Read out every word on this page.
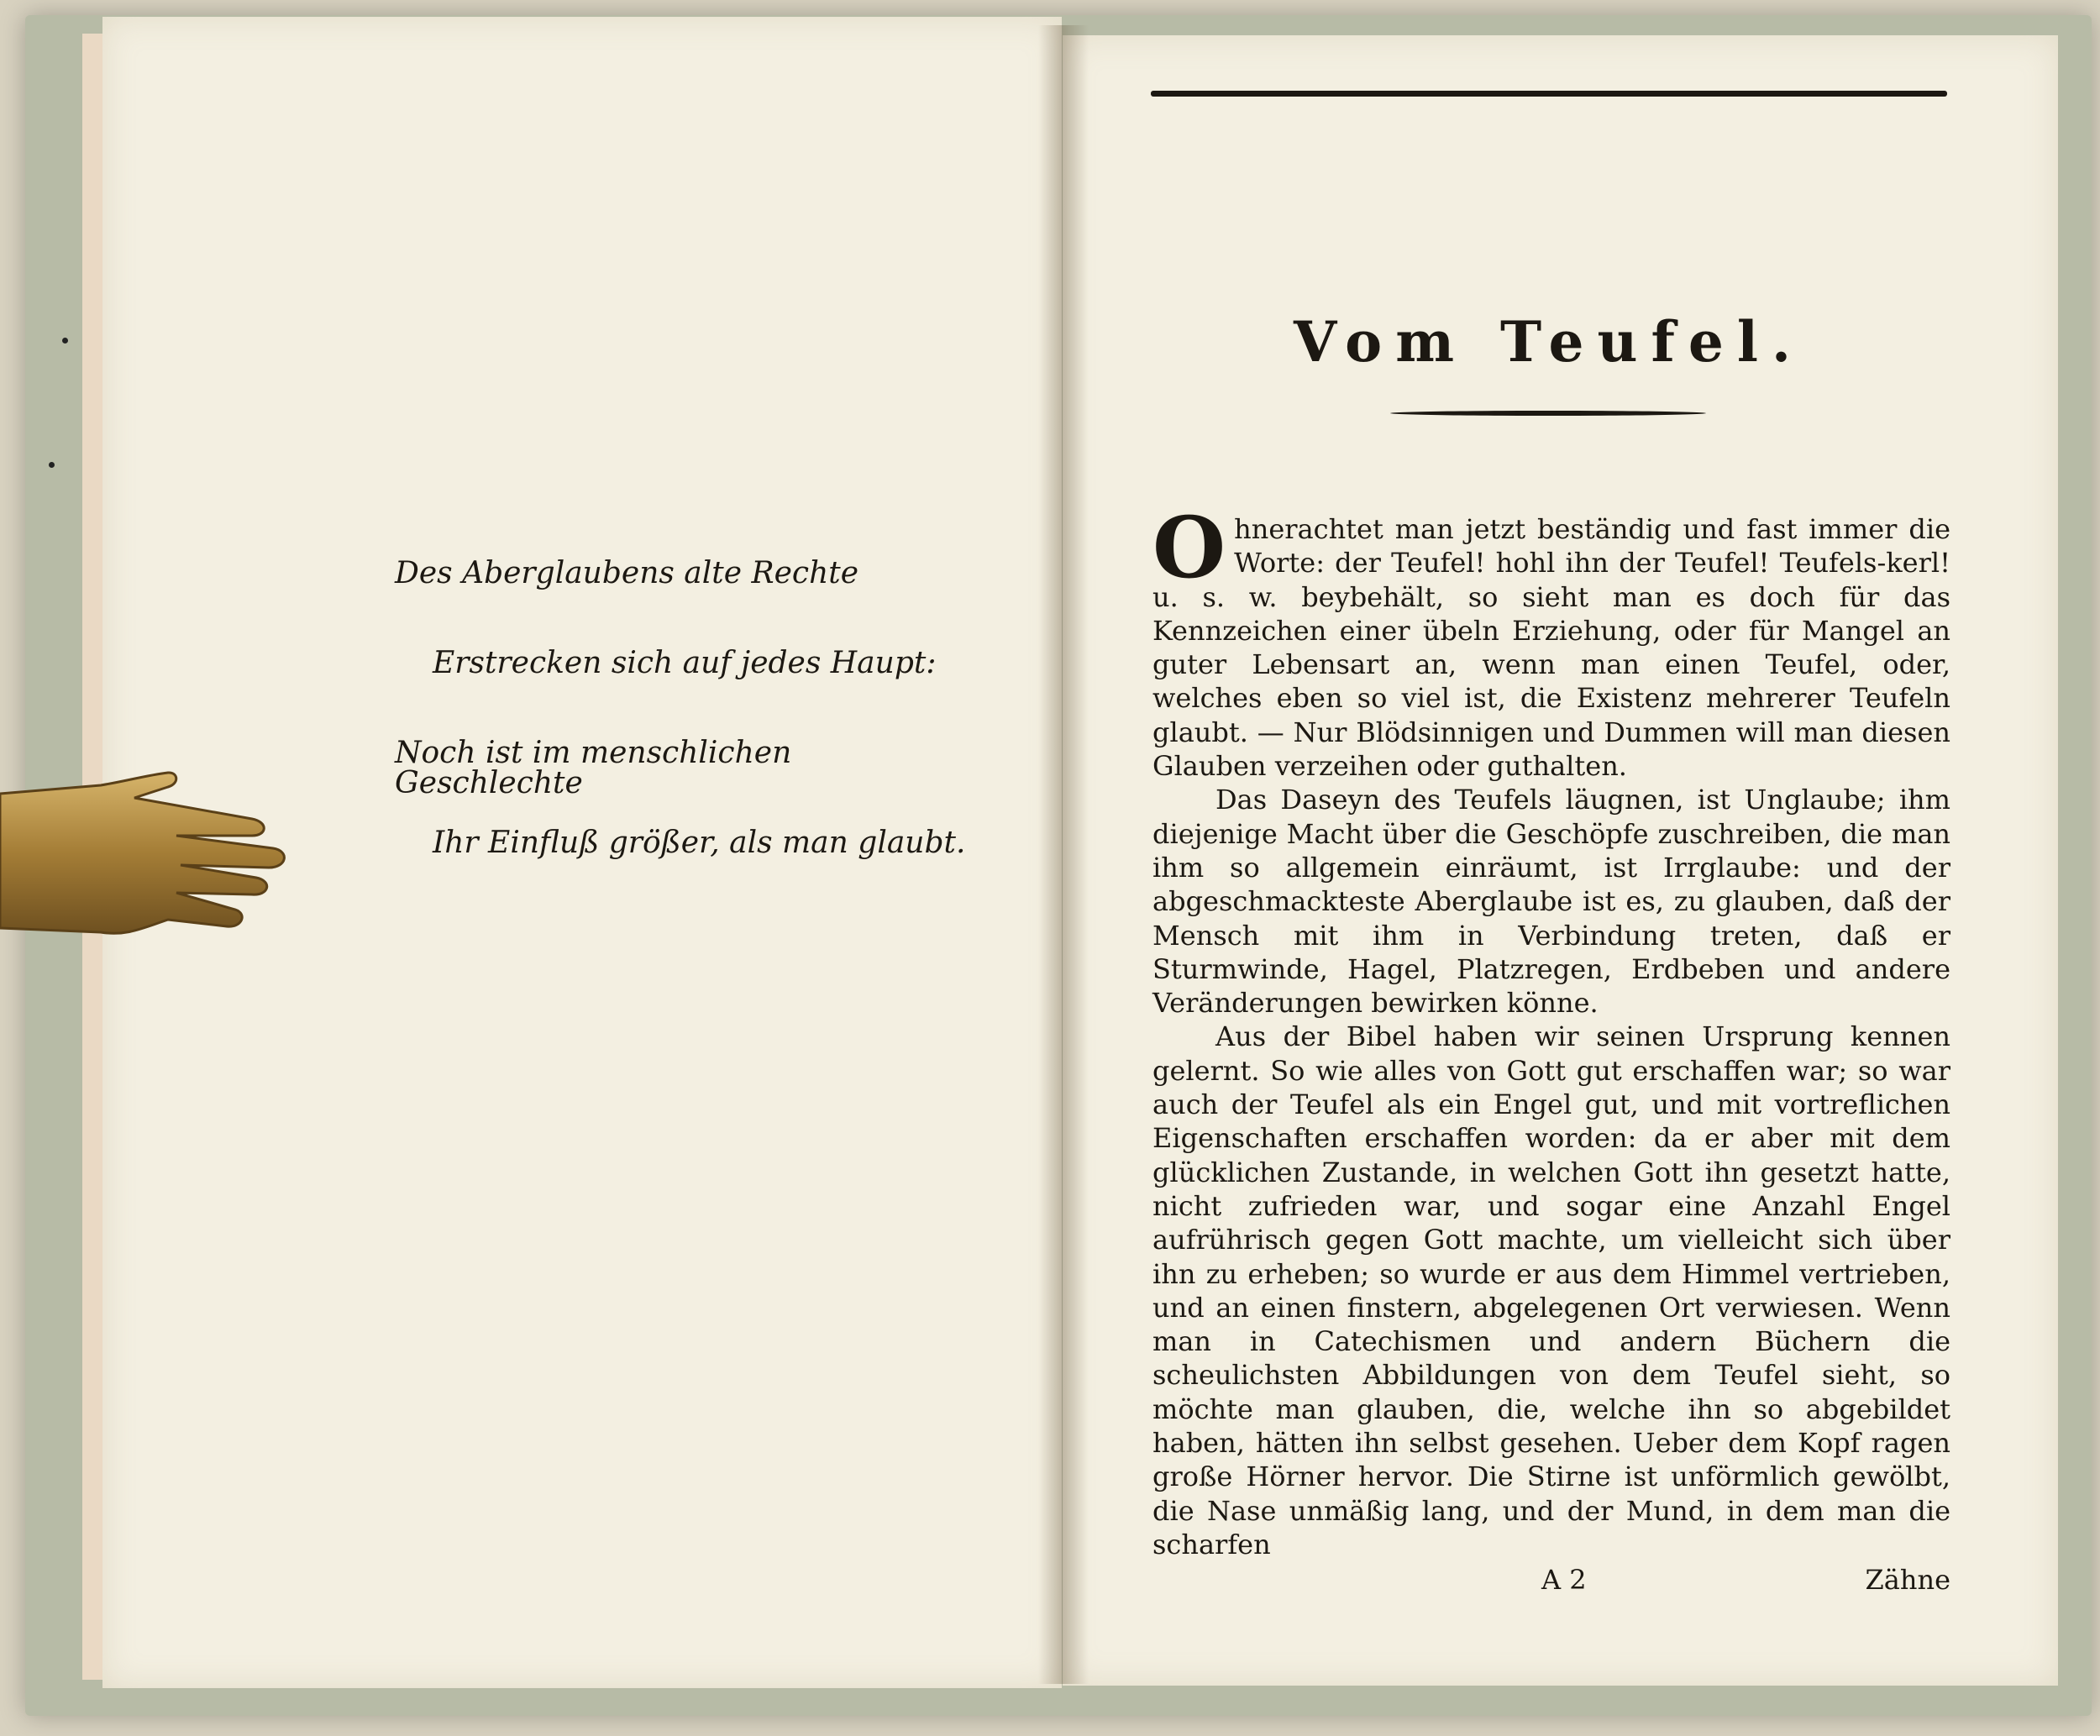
Des Aberglaubens alte Rechte
Erstrecken sich auf jedes Haupt:
Noch ist im menschlichen Geschlechte
Ihr Einfluß größer, als man glaubt.
Vom Teufel.

Ohnerachtet man jetzt beständig und fast immer die Worte: der Teufel! hohl ihn der Teufel! Teufels-kerl! u. s. w. beybehält, so sieht man es doch für das Kennzeichen einer übeln Erziehung, oder für Mangel an guter Lebensart an, wenn man einen Teufel, oder, welches eben so viel ist, die Existenz mehrerer Teufeln glaubt. — Nur Blödsinnigen und Dummen will man diesen Glauben verzeihen oder guthalten.

Das Daseyn des Teufels läugnen, ist Unglaube; ihm diejenige Macht über die Geschöpfe zuschreiben, die man ihm so allgemein einräumt, ist Irrglaube: und der abgeschmackteste Aberglaube ist es, zu glauben, daß der Mensch mit ihm in Verbindung treten, daß er Sturmwinde, Hagel, Platzregen, Erdbeben und andere Veränderungen bewirken könne.

Aus der Bibel haben wir seinen Ursprung kennen gelernt. So wie alles von Gott gut erschaffen war; so war auch der Teufel als ein Engel gut, und mit vortreflichen Eigenschaften erschaffen worden: da er aber mit dem glücklichen Zustande, in welchen Gott ihn gesetzt hatte, nicht zufrieden war, und sogar eine Anzahl Engel aufrührisch gegen Gott machte, um vielleicht sich über ihn zu erheben; so wurde er aus dem Himmel vertrieben, und an einen finstern, abgelegenen Ort verwiesen. Wenn man in Catechismen und andern Büchern die scheulichsten Abbildungen von dem Teufel sieht, so möchte man glauben, die, welche ihn so abgebildet haben, hätten ihn selbst gesehen. Ueber dem Kopf ragen große Hörner hervor. Die Stirne ist unförmlich gewölbt, die Nase unmäßig lang, und der Mund, in dem man die scharfen

A 2	Zähne
